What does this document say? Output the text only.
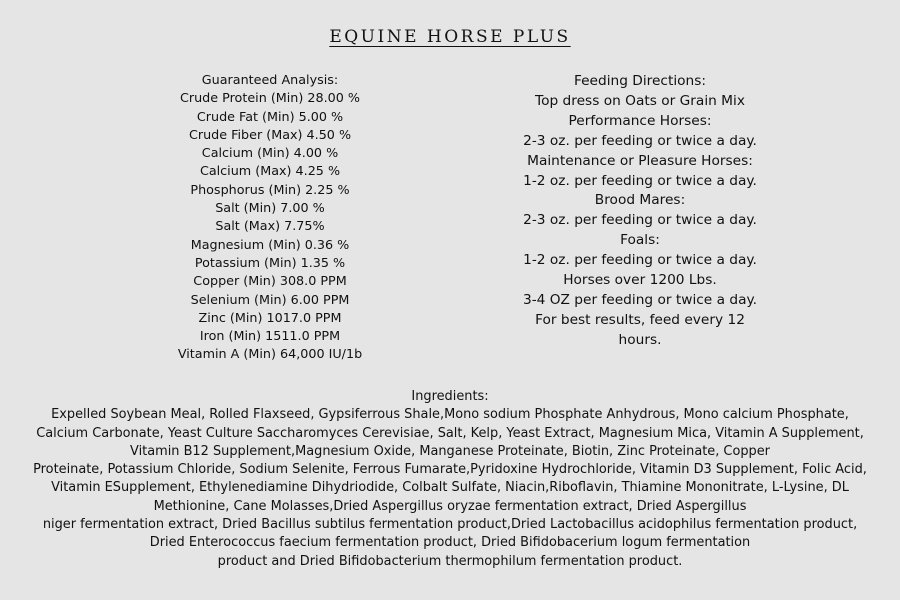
EQUINE HORSE PLUS
Guaranteed Analysis:
Crude Protein (Min) 28.00 %
Crude Fat (Min) 5.00 %
Crude Fiber (Max) 4.50 %
Calcium (Min) 4.00 %
Calcium (Max) 4.25 %
Phosphorus (Min) 2.25 %
Salt (Min) 7.00 %
Salt (Max) 7.75%
Magnesium (Min) 0.36 %
Potassium (Min) 1.35 %
Copper (Min) 308.0 PPM
Selenium (Min) 6.00 PPM
Zinc (Min) 1017.0 PPM
Iron (Min) 1511.0 PPM
Vitamin A (Min) 64,000 IU/1b
Feeding Directions:
Top dress on Oats or Grain Mix
Performance Horses:
2-3 oz. per feeding or twice a day.
Maintenance or Pleasure Horses:
1-2 oz. per feeding or twice a day.
Brood Mares:
2-3 oz. per feeding or twice a day.
Foals:
1-2 oz. per feeding or twice a day.
Horses over 1200 Lbs.
3-4 OZ per feeding or twice a day.
For best results, feed every 12
hours.
Ingredients:
Expelled Soybean Meal, Rolled Flaxseed, Gypsiferrous Shale,Mono sodium Phosphate Anhydrous, Mono calcium Phosphate,
Calcium Carbonate, Yeast Culture Saccharomyces Cerevisiae, Salt, Kelp, Yeast Extract, Magnesium Mica, Vitamin A Supplement,
Vitamin B12 Supplement,Magnesium Oxide, Manganese Proteinate, Biotin, Zinc Proteinate, Copper
Proteinate, Potassium Chloride, Sodium Selenite, Ferrous Fumarate,Pyridoxine Hydrochloride, Vitamin D3 Supplement, Folic Acid,
Vitamin ESupplement, Ethylenediamine Dihydriodide, Colbalt Sulfate, Niacin,Riboflavin, Thiamine Mononitrate, L-Lysine, DL
Methionine, Cane Molasses,Dried Aspergillus oryzae fermentation extract, Dried Aspergillus
niger fermentation extract, Dried Bacillus subtilus fermentation product,Dried Lactobacillus acidophilus fermentation product,
Dried Enterococcus faecium fermentation product, Dried Bifidobacerium logum fermentation
product and Dried Bifidobacterium thermophilum fermentation product.
